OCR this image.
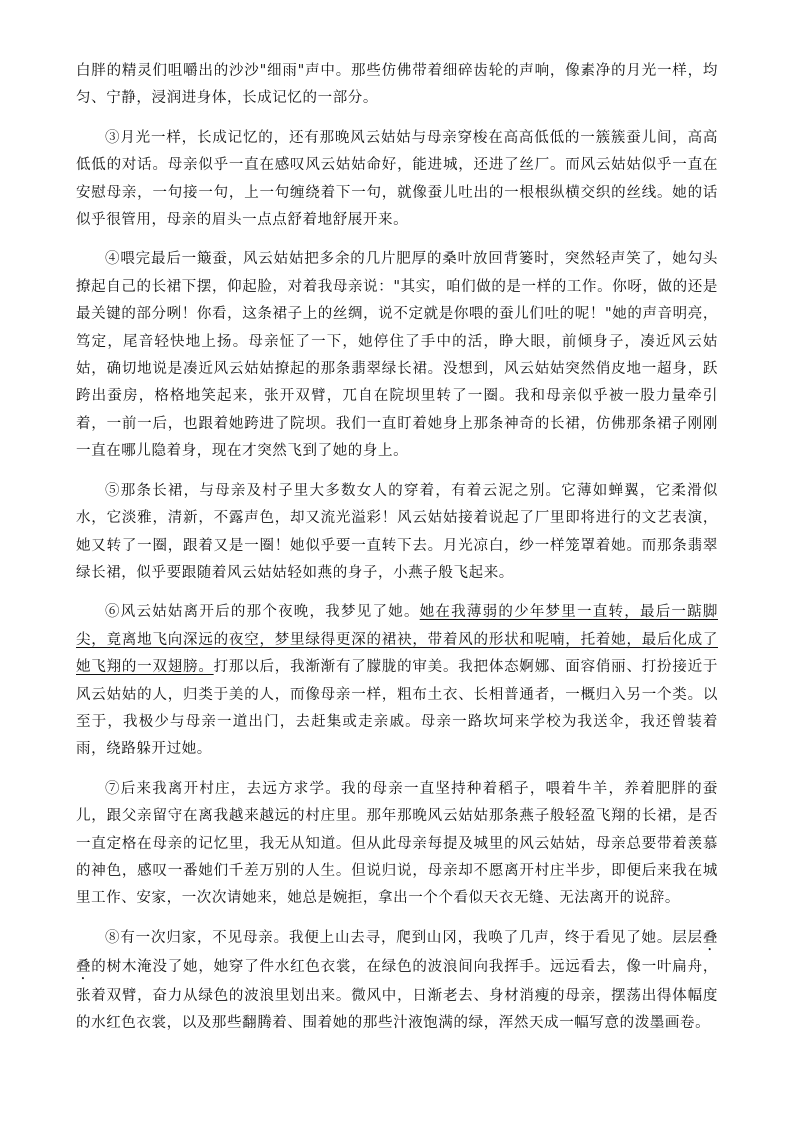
白胖的精灵们咀嚼出的沙沙"细雨"声中。那些仿佛带着细碎齿轮的声响，像素净的月光一样，均匀、宁静，浸润进身体，长成记忆的一部分。

③月光一样，长成记忆的，还有那晚风云姑姑与母亲穿梭在高高低低的一簇簇蚕儿间，高高低低的对话。母亲似乎一直在感叹风云姑姑命好，能进城，还进了丝厂。而风云姑姑似乎一直在安慰母亲，一句接一句，上一句缠绕着下一句，就像蚕儿吐出的一根根纵横交织的丝线。她的话似乎很管用，母亲的眉头一点点舒着地舒展开来。

④喂完最后一簸蚕，风云姑姑把多余的几片肥厚的桑叶放回背篓时，突然轻声笑了，她勾头撩起自己的长裙下摆，仰起脸，对着我母亲说："其实，咱们做的是一样的工作。你呀，做的还是最关键的部分咧！你看，这条裙子上的丝绸，说不定就是你喂的蚕儿们吐的呢！"她的声音明亮，笃定，尾音轻快地上扬。母亲怔了一下，她停住了手中的活，睁大眼，前倾身子，凑近风云姑姑，确切地说是凑近风云姑姑撩起的那条翡翠绿长裙。没想到，风云姑姑突然俏皮地一超身，跃跨出蚕房，格格地笑起来，张开双臂，兀自在院坝里转了一圈。我和母亲似乎被一股力量牵引着，一前一后，也跟着她跨进了院坝。我们一直盯着她身上那条神奇的长裙，仿佛那条裙子刚刚一直在哪儿隐着身，现在才突然飞到了她的身上。

⑤那条长裙，与母亲及村子里大多数女人的穿着，有着云泥之别。它薄如蝉翼，它柔滑似水，它淡雅，清新，不露声色，却又流光溢彩！风云姑姑接着说起了厂里即将进行的文艺表演，她又转了一圈，跟着又是一圈！她似乎要一直转下去。月光凉白，纱一样笼罩着她。而那条翡翠绿长裙，似乎要跟随着风云姑姑轻如燕的身子，小燕子般飞起来。

⑥风云姑姑离开后的那个夜晚，我梦见了她。她在我薄弱的少年梦里一直转，最后一踮脚尖，竟离地飞向深远的夜空，梦里绿得更深的裙袂，带着风的形状和呢喃，托着她，最后化成了她飞翔的一双翅膀。打那以后，我渐渐有了朦胧的审美。我把体态婀娜、面容俏丽、打扮接近于风云姑姑的人，归类于美的人，而像母亲一样，粗布土衣、长相普通者，一概归入另一个类。以至于，我极少与母亲一道出门，去赶集或走亲戚。母亲一路坎坷来学校为我送伞，我还曾装着雨，绕路躲开过她。

⑦后来我离开村庄，去远方求学。我的母亲一直坚持种着稻子，喂着牛羊，养着肥胖的蚕儿，跟父亲留守在离我越来越远的村庄里。那年那晚风云姑姑那条燕子般轻盈飞翔的长裙，是否一直定格在母亲的记忆里，我无从知道。但从此母亲每提及城里的风云姑姑，母亲总要带着羡慕的神色，感叹一番她们千差万别的人生。但说归说，母亲却不愿离开村庄半步，即便后来我在城里工作、安家，一次次请她来，她总是婉拒，拿出一个个看似天衣无缝、无法离开的说辞。

⑧有一次归家，不见母亲。我便上山去寻，爬到山冈，我唤了几声，终于看见了她。层层叠叠的树木淹没了她，她穿了件水红色衣裳，在绿色的波浪间向我挥手。远远看去，像一叶扁舟，张着双臂，奋力从绿色的波浪里划出来。微风中，日渐老去、身材消瘦的母亲，摆荡出得体幅度的水红色衣裳，以及那些翻腾着、围着她的那些汁液饱满的绿，浑然天成一幅写意的泼墨画卷。
